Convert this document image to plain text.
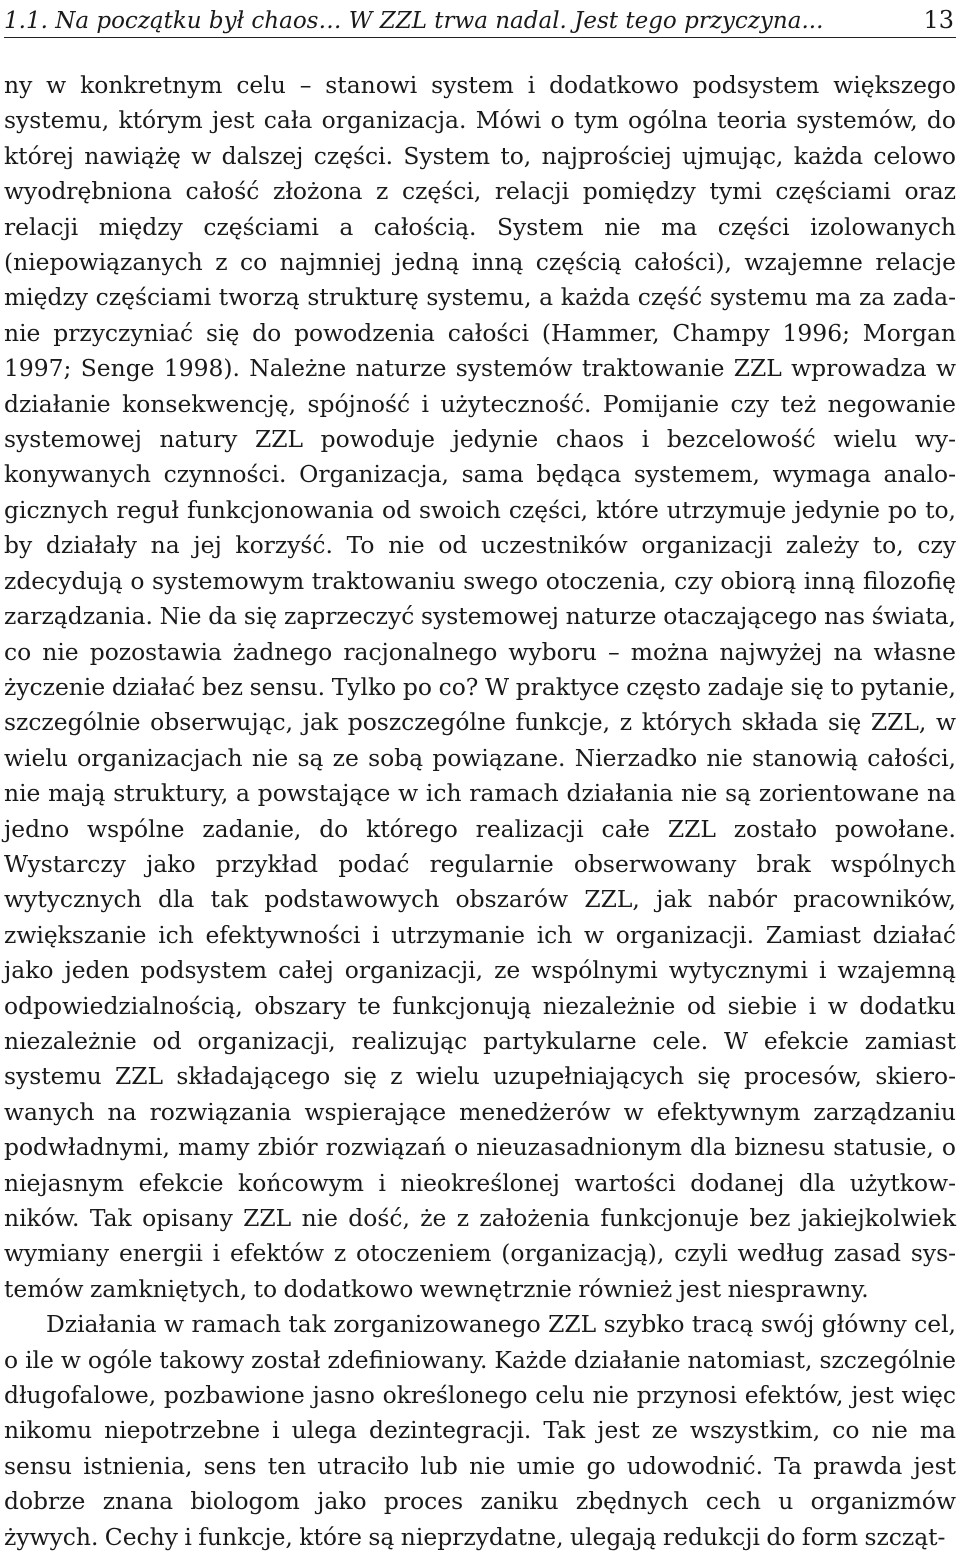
1.1. Na początku był chaos… W ZZL trwa nadal. Jest tego przyczyna...	13

ny w konkretnym celu – stanowi system i dodatkowo podsystem większego systemu, którym jest cała organizacja. Mówi o tym ogólna teoria systemów, do której nawiążę w dalszej części. System to, najprościej ujmując, każda celowo wyodrębniona całość złożona z części, relacji pomiędzy tymi częściami oraz relacji między częściami a całością. System nie ma części izolowanych (niepowiązanych z co najmniej jedną inną częścią całości), wzajemne relacje między częściami tworzą strukturę systemu, a każda część systemu ma za zadanie przyczyniać się do powodzenia całości (Hammer, Champy 1996; Morgan 1997; Senge 1998). Należne naturze systemów traktowanie ZZL wprowadza w działanie konsekwencję, spójność i użyteczność. Pomijanie czy też negowanie systemowej natury ZZL powoduje jedynie chaos i bezcelowość wielu wykonywanych czynności. Organizacja, sama będąca systemem, wymaga analogicznych reguł funkcjonowania od swoich części, które utrzymuje jedynie po to, by działały na jej korzyść. To nie od uczestników organizacji zależy to, czy zdecydują o systemowym traktowaniu swego otoczenia, czy obiorą inną filozofię zarządzania. Nie da się zaprzeczyć systemowej naturze otaczającego nas świata, co nie pozostawia żadnego racjonalnego wyboru – można najwyżej na własne życzenie działać bez sensu. Tylko po co? W praktyce często zadaje się to pytanie, szczególnie obserwując, jak poszczególne funkcje, z których składa się ZZL, w wielu organizacjach nie są ze sobą powiązane. Nierzadko nie stanowią całości, nie mają struktury, a powstające w ich ramach działania nie są zorientowane na jedno wspólne zadanie, do którego realizacji całe ZZL zostało powołane. Wystarczy jako przykład podać regularnie obserwowany brak wspólnych wytycznych dla tak podstawowych obszarów ZZL, jak nabór pracowników, zwiększanie ich efektywności i utrzymanie ich w organizacji. Zamiast działać jako jeden podsystem całej organizacji, ze wspólnymi wytycznymi i wzajemną odpowiedzialnością, obszary te funkcjonują niezależnie od siebie i w dodatku niezależnie od organizacji, realizując partykularne cele. W efekcie zamiast systemu ZZL składającego się z wielu uzupełniających się procesów, skierowanych na rozwiązania wspierające menedżerów w efektywnym zarządzaniu podwładnymi, mamy zbiór rozwiązań o nieuzasadnionym dla biznesu statusie, o niejasnym efekcie końcowym i nieokreślonej wartości dodanej dla użytkowników. Tak opisany ZZL nie dość, że z założenia funkcjonuje bez jakiejkolwiek wymiany energii i efektów z otoczeniem (organizacją), czyli według zasad systemów zamkniętych, to dodatkowo wewnętrznie również jest niesprawny.

Działania w ramach tak zorganizowanego ZZL szybko tracą swój główny cel, o ile w ogóle takowy został zdefiniowany. Każde działanie natomiast, szczególnie długofalowe, pozbawione jasno określonego celu nie przynosi efektów, jest więc nikomu niepotrzebne i ulega dezintegracji. Tak jest ze wszystkim, co nie ma sensu istnienia, sens ten utraciło lub nie umie go udowodnić. Ta prawda jest dobrze znana biologom jako proces zaniku zbędnych cech u organizmów żywych. Cechy i funkcje, które są nieprzydatne, ulegają redukcji do form szcząt-
